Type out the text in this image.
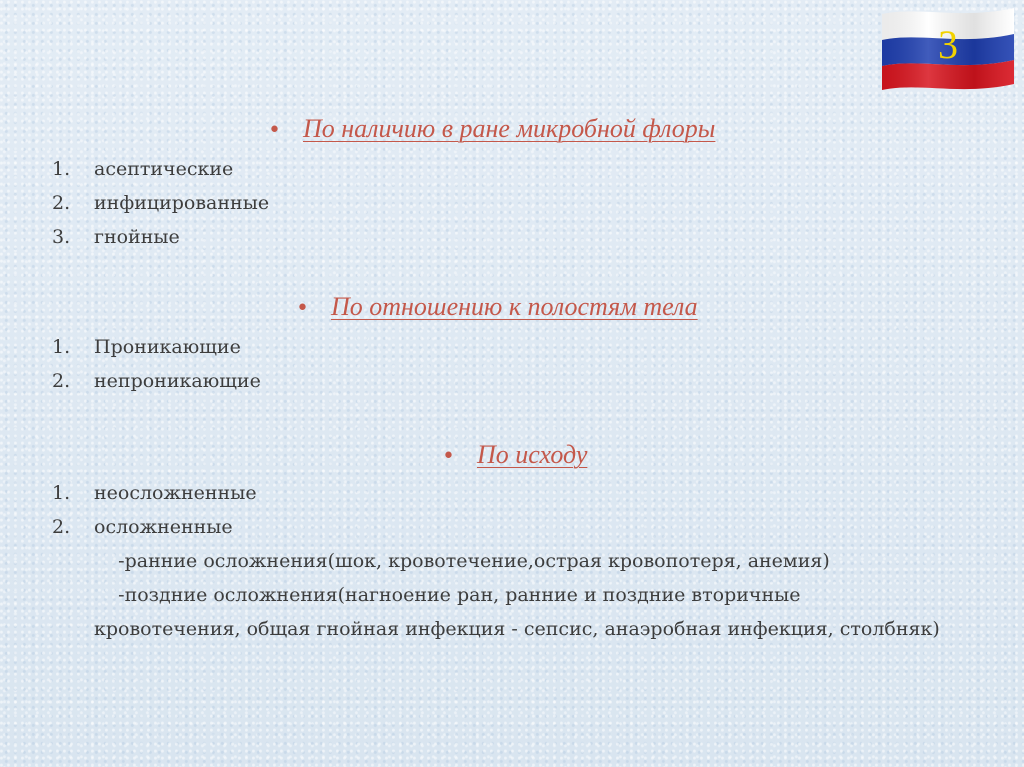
3
• По наличию в ране микробной флоры
1.	асептические
2.	инфицированные
3.	гнойные
• По отношению к полостям тела
1.	Проникающие
2.	непроникающие
• По исходу
1.	неосложненные
2.	осложненные

-ранние осложнения(шок, кровотечение,острая кровопотеря, анемия)

-поздние осложнения(нагноение ран, ранние и поздние вторичные

кровотечения, общая гнойная инфекция - сепсис, анаэробная инфекция, столбняк)
